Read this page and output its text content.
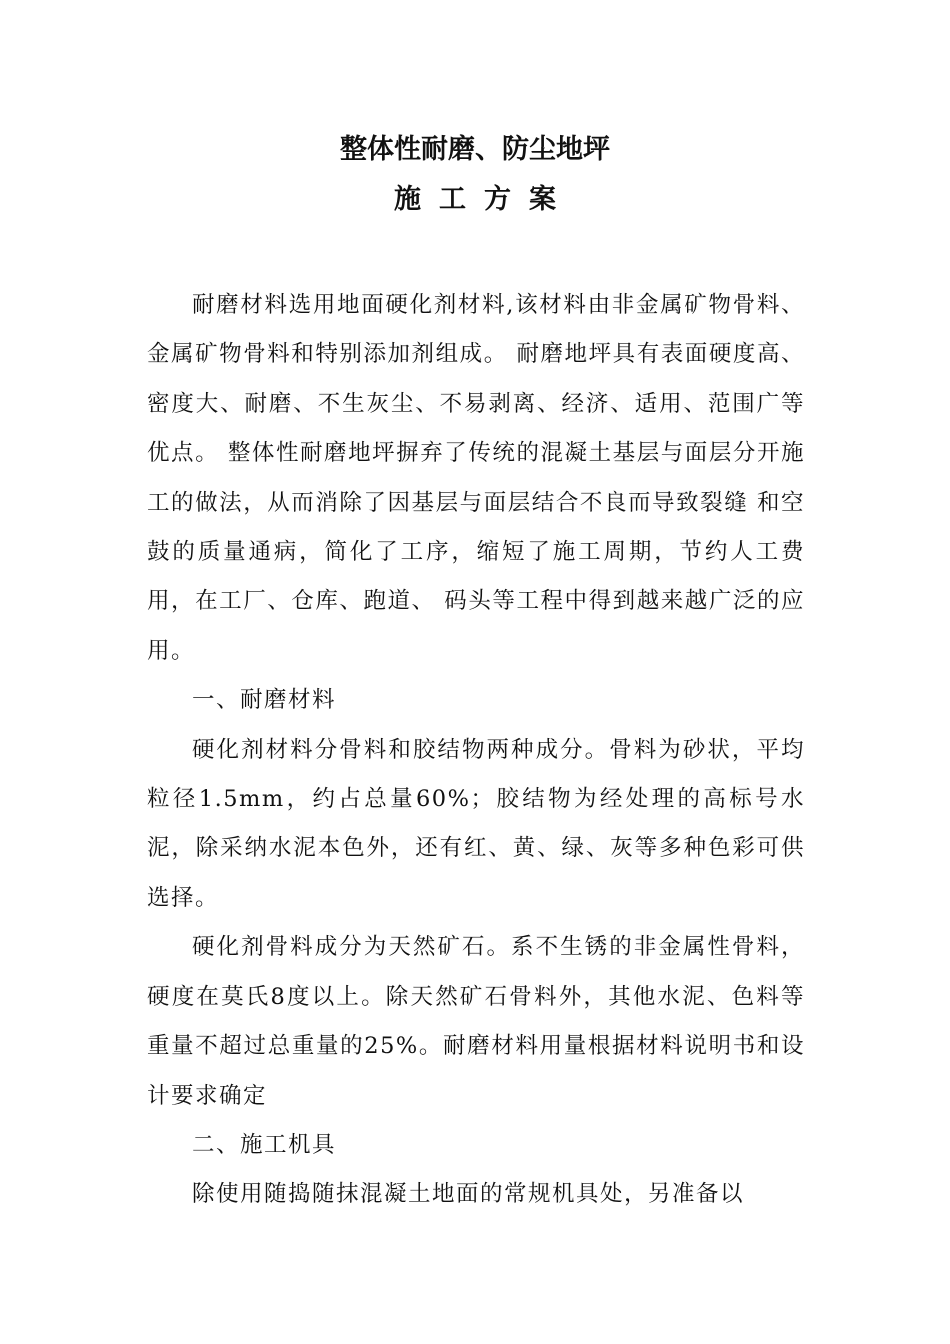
整体性耐磨、防尘地坪
施工方案

耐磨材料选用地面硬化剂材料,该材料由非金属矿物骨料、金属矿物骨料和特别添加剂组成。 耐磨地坪具有表面硬度高、密度大、耐磨、不生灰尘、不易剥离、经济、适用、范围广等优点。 整体性耐磨地坪摒弃了传统的混凝土基层与面层分开施工的做法，从而消除了因基层与面层结合不良而导致裂缝 和空鼓的质量通病，简化了工序，缩短了施工周期，节约人工费用，在工厂、仓库、跑道、 码头等工程中得到越来越广泛的应用。

一、耐磨材料

硬化剂材料分骨料和胶结物两种成分。骨料为砂状，平均粒径1.5mm，约占总量60%；胶结物为经处理的高标号水泥，除采纳水泥本色外，还有红、黄、绿、灰等多种色彩可供选择。

硬化剂骨料成分为天然矿石。系不生锈的非金属性骨料，硬度在莫氏8度以上。除天然矿石骨料外，其他水泥、色料等重量不超过总重量的25%。耐磨材料用量根据材料说明书和设计要求确定

二、施工机具

除使用随捣随抹混凝土地面的常规机具处，另准备以
